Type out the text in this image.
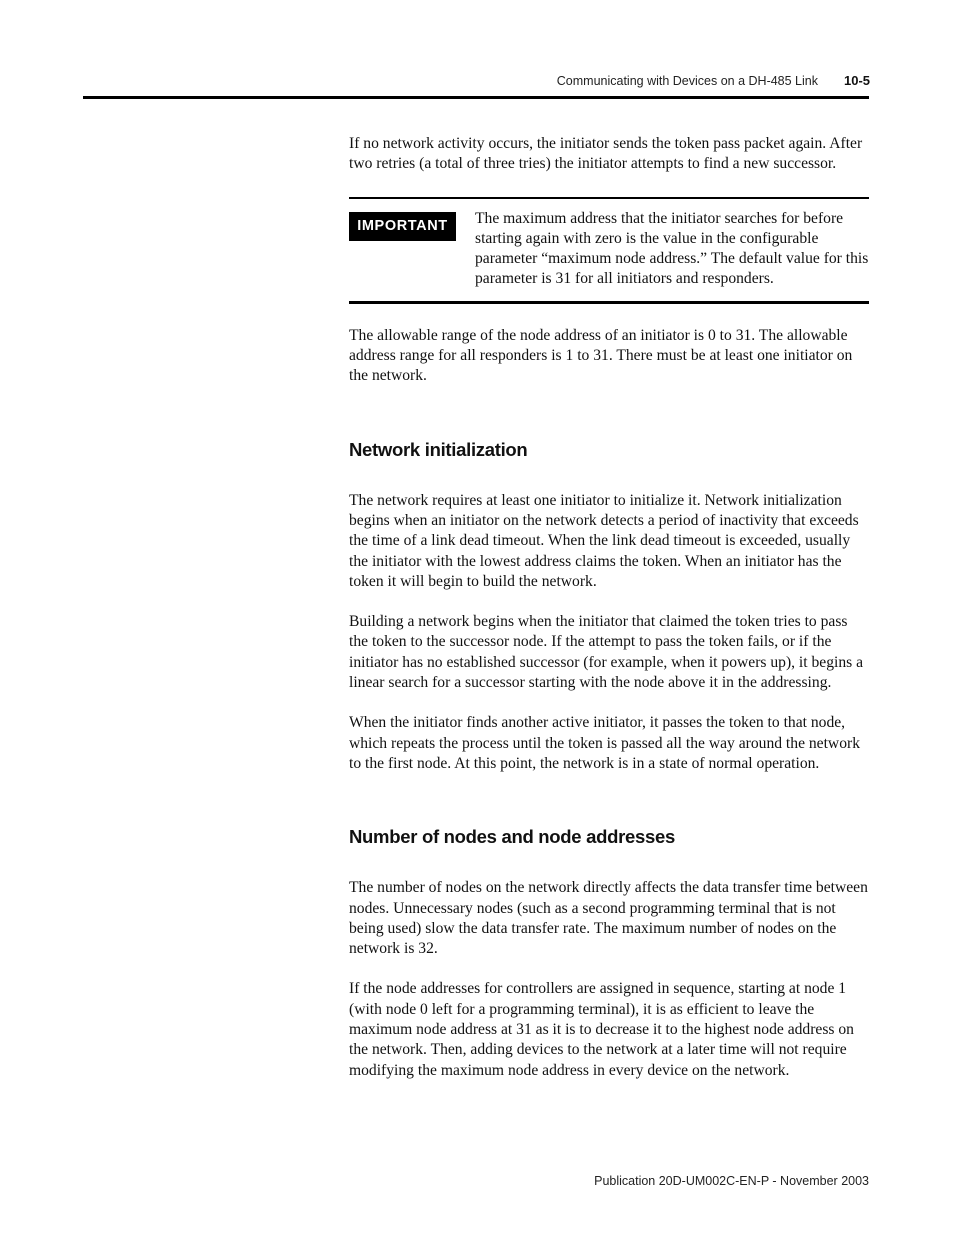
Communicating with Devices on a DH-485 Link 10-5

If no network activity occurs, the initiator sends the token pass packet again. After two retries (a total of three tries) the initiator attempts to find a new successor.

IMPORTANT	The maximum address that the initiator searches for before starting again with zero is the value in the configurable parameter “maximum node address.” The default value for this parameter is 31 for all initiators and responders.

The allowable range of the node address of an initiator is 0 to 31. The allowable address range for all responders is 1 to 31. There must be at least one initiator on the network.

Network initialization

The network requires at least one initiator to initialize it. Network initialization begins when an initiator on the network detects a period of inactivity that exceeds the time of a link dead timeout. When the link dead timeout is exceeded, usually the initiator with the lowest address claims the token. When an initiator has the token it will begin to build the network.

Building a network begins when the initiator that claimed the token tries to pass the token to the successor node. If the attempt to pass the token fails, or if the initiator has no established successor (for example, when it powers up), it begins a linear search for a successor starting with the node above it in the addressing.

When the initiator finds another active initiator, it passes the token to that node, which repeats the process until the token is passed all the way around the network to the first node. At this point, the network is in a state of normal operation.

Number of nodes and node addresses

The number of nodes on the network directly affects the data transfer time between nodes. Unnecessary nodes (such as a second programming terminal that is not being used) slow the data transfer rate. The maximum number of nodes on the network is 32.

If the node addresses for controllers are assigned in sequence, starting at node 1 (with node 0 left for a programming terminal), it is as efficient to leave the maximum node address at 31 as it is to decrease it to the highest node address on the network. Then, adding devices to the network at a later time will not require modifying the maximum node address in every device on the network.

Publication 20D-UM002C-EN-P - November 2003
